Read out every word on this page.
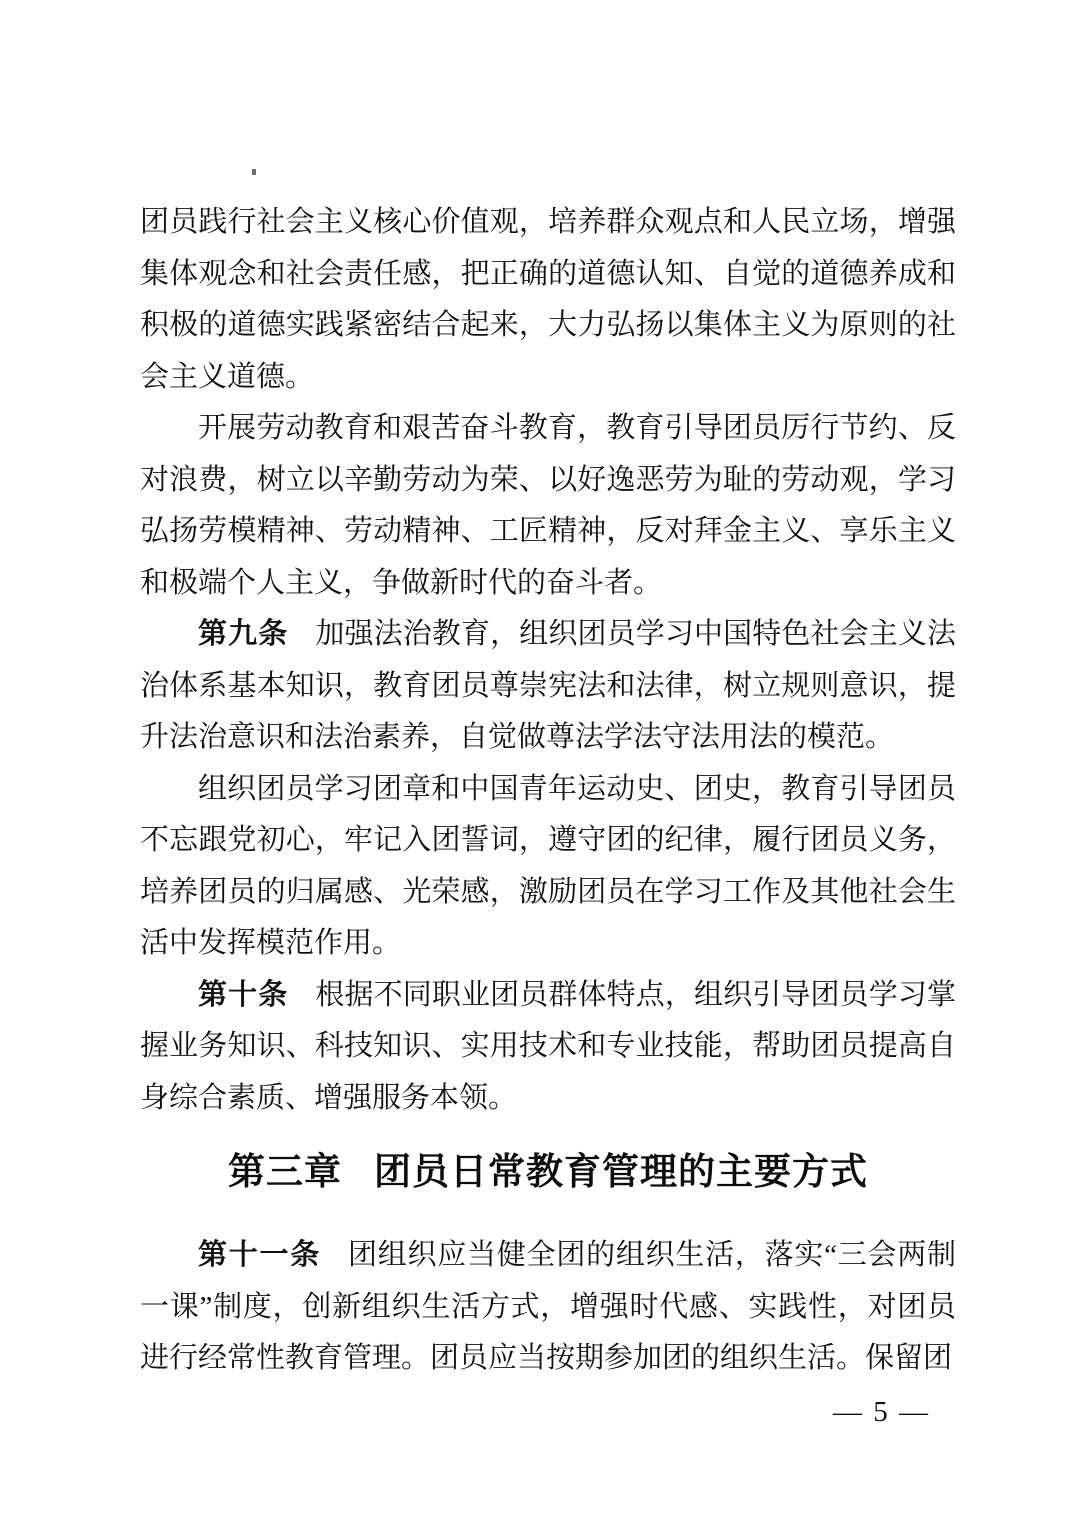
团员践行社会主义核心价值观，培养群众观点和人民立场，增强集体观念和社会责任感，把正确的道德认知、自觉的道德养成和积极的道德实践紧密结合起来，大力弘扬以集体主义为原则的社会主义道德。

开展劳动教育和艰苦奋斗教育，教育引导团员厉行节约、反对浪费，树立以辛勤劳动为荣、以好逸恶劳为耻的劳动观，学习弘扬劳模精神、劳动精神、工匠精神，反对拜金主义、享乐主义和极端个人主义，争做新时代的奋斗者。

第九条 加强法治教育，组织团员学习中国特色社会主义法治体系基本知识，教育团员尊崇宪法和法律，树立规则意识，提升法治意识和法治素养，自觉做尊法学法守法用法的模范。

组织团员学习团章和中国青年运动史、团史，教育引导团员不忘跟党初心，牢记入团誓词，遵守团的纪律，履行团员义务，培养团员的归属感、光荣感，激励团员在学习工作及其他社会生活中发挥模范作用。

第十条 根据不同职业团员群体特点，组织引导团员学习掌握业务知识、科技知识、实用技术和专业技能，帮助团员提高自身综合素质、增强服务本领。

第三章 团员日常教育管理的主要方式

第十一条 团组织应当健全团的组织生活，落实“三会两制一课”制度，创新组织生活方式，增强时代感、实践性，对团员进行经常性教育管理。团员应当按期参加团的组织生活。保留团

— 5 —
